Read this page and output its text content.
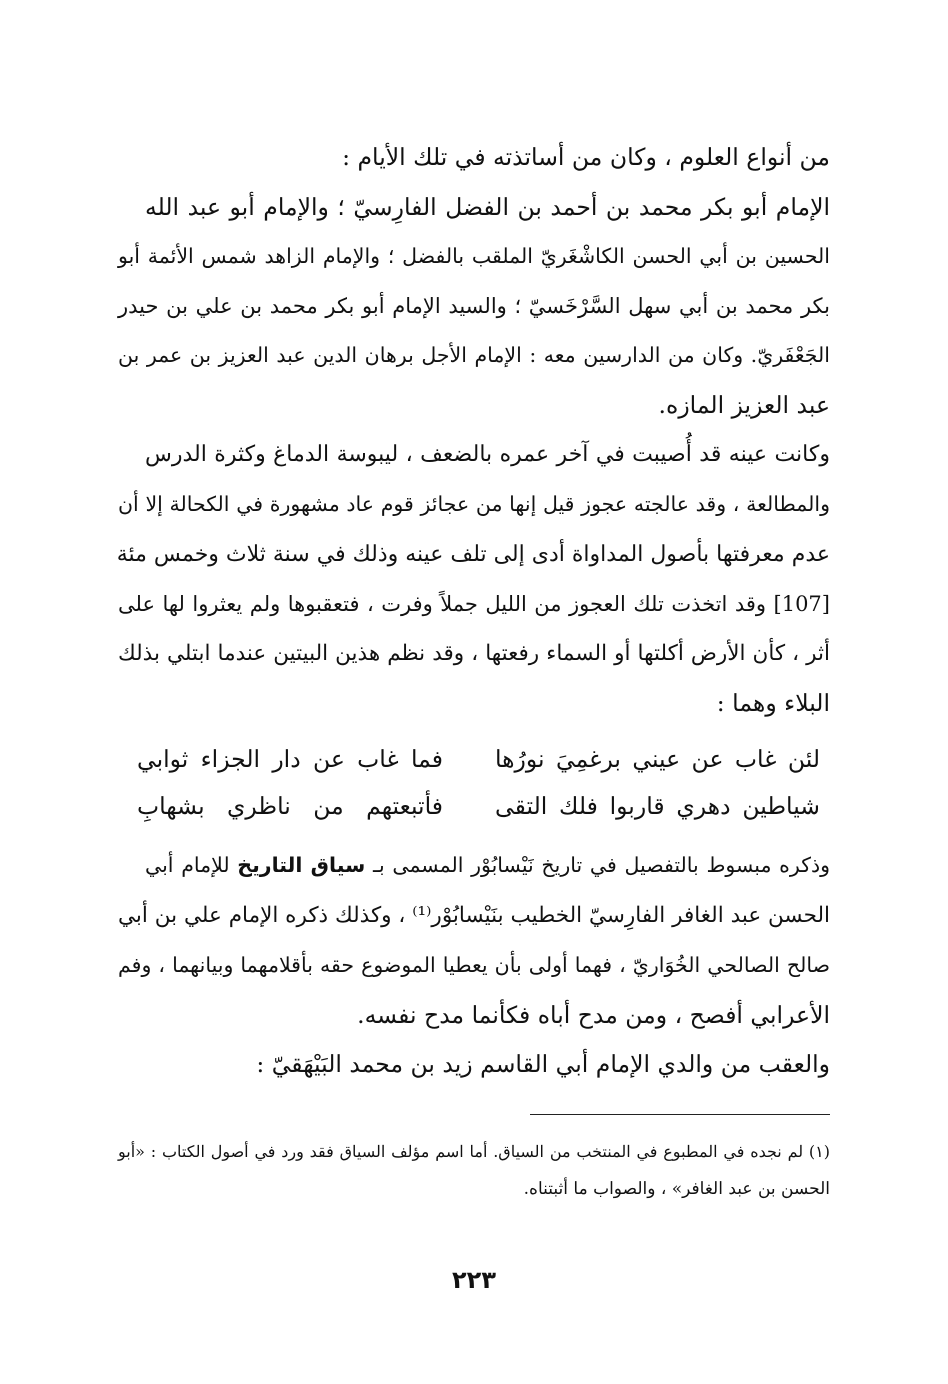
من أنواع العلوم ، وكان من أساتذته في تلك الأيام :
الإمام أبو بكر محمد بن أحمد بن الفضل الفارِسيّ ؛ والإمام أبو عبد الله
الحسين بن أبي الحسن الكاشْغَريّ الملقب بالفضل ؛ والإمام الزاهد شمس الأئمة أبو
بكر محمد بن أبي سهل السَّرْخَسيّ ؛ والسيد الإمام أبو بكر محمد بن علي بن حيدر
الجَعْفَريّ. وكان من الدارسين معه : الإمام الأجل برهان الدين عبد العزيز بن عمر بن
عبد العزيز المازه.
وكانت عينه قد أُصيبت في آخر عمره بالضعف ، ليبوسة الدماغ وكثرة الدرس
والمطالعة ، وقد عالجته عجوز قيل إنها من عجائز قوم عاد مشهورة في الكحالة إلا أن
عدم معرفتها بأصول المداواة أدى إلى تلف عينه وذلك في سنة ثلاث وخمس مئة
[107] وقد اتخذت تلك العجوز من الليل جملاً وفرت ، فتعقبوها ولم يعثروا لها على
أثر ، كأن الأرض أكلتها أو السماء رفعتها ، وقد نظم هذين البيتين عندما ابتلي بذلك
البلاء وهما :
لئن غاب عن عيني برغمِيَ نورُها
فما غاب عن دار الجزاء ثوابي
شياطين دهري قاربوا فلك التقى
فأتبعتهم من ناظري بشهابِ
وذكره مبسوط بالتفصيل في تاريخ نَيْسابُوْر المسمى بـ سياق التاريخ للإمام أبي
الحسن عبد الغافر الفارِسيّ الخطيب بنَيْسابُوْر⁽¹⁾ ، وكذلك ذكره الإمام علي بن أبي
صالح الصالحي الخُوَاريّ ، فهما أولى بأن يعطيا الموضوع حقه بأقلامهما وبيانهما ، وفم
الأعرابي أفصح ، ومن مدح أباه فكأنما مدح نفسه.
والعقب من والدي الإمام أبي القاسم زيد بن محمد البَيْهَقيّ :
(١) لم نجده في المطبوع في المنتخب من السياق. أما اسم مؤلف السياق فقد ورد في أصول الكتاب : «أبو
الحسن بن عبد الغافر» ، والصواب ما أثبتناه.
٢٢٣
